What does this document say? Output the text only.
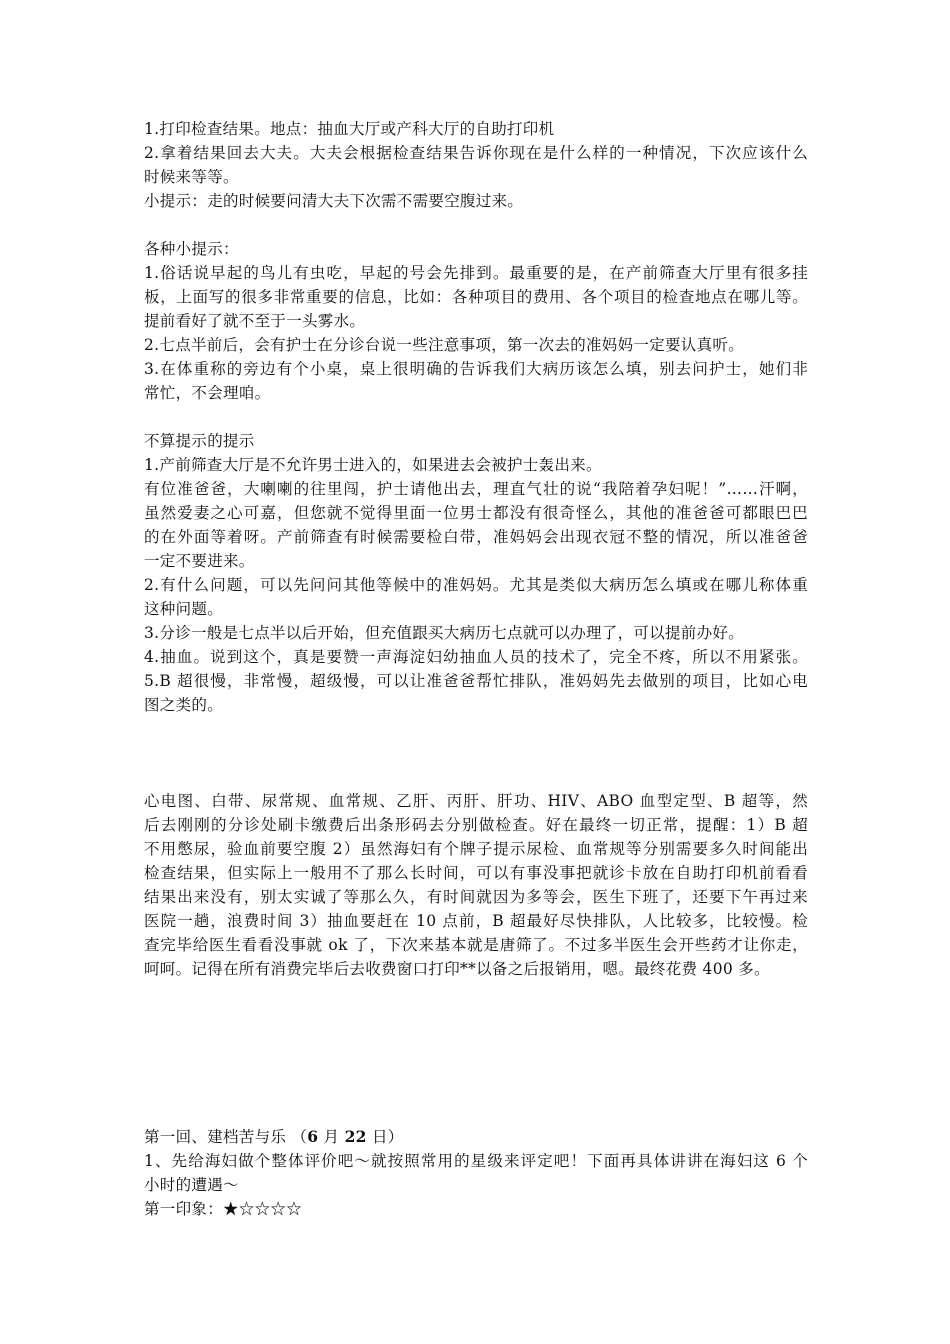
1.打印检查结果。地点：抽血大厅或产科大厅的自助打印机
2.拿着结果回去大夫。大夫会根据检查结果告诉你现在是什么样的一种情况，下次应该什么
时候来等等。
小提示：走的时候要问清大夫下次需不需要空腹过来。
各种小提示：
1.俗话说早起的鸟儿有虫吃，早起的号会先排到。最重要的是，在产前筛查大厅里有很多挂
板，上面写的很多非常重要的信息，比如：各种项目的费用、各个项目的检查地点在哪儿等。
提前看好了就不至于一头雾水。
2.七点半前后，会有护士在分诊台说一些注意事项，第一次去的准妈妈一定要认真听。
3.在体重称的旁边有个小桌，桌上很明确的告诉我们大病历该怎么填，别去问护士，她们非
常忙，不会理咱。
不算提示的提示
1.产前筛查大厅是不允许男士进入的，如果进去会被护士轰出来。
有位准爸爸，大喇喇的往里闯，护士请他出去，理直气壮的说“我陪着孕妇呢！”……汗啊，
虽然爱妻之心可嘉，但您就不觉得里面一位男士都没有很奇怪么，其他的准爸爸可都眼巴巴
的在外面等着呀。产前筛查有时候需要检白带，准妈妈会出现衣冠不整的情况，所以准爸爸
一定不要进来。
2.有什么问题，可以先问问其他等候中的准妈妈。尤其是类似大病历怎么填或在哪儿称体重
这种问题。
3.分诊一般是七点半以后开始，但充值跟买大病历七点就可以办理了，可以提前办好。
4.抽血。说到这个，真是要赞一声海淀妇幼抽血人员的技术了，完全不疼，所以不用紧张。
5.B 超很慢，非常慢，超级慢，可以让准爸爸帮忙排队，准妈妈先去做别的项目，比如心电
图之类的。
心电图、白带、尿常规、血常规、乙肝、丙肝、肝功、HIV、ABO 血型定型、B 超等，然
后去刚刚的分诊处刷卡缴费后出条形码去分别做检查。好在最终一切正常，提醒：1）B 超
不用憋尿，验血前要空腹 2）虽然海妇有个牌子提示尿检、血常规等分别需要多久时间能出
检查结果，但实际上一般用不了那么长时间，可以有事没事把就诊卡放在自助打印机前看看
结果出来没有，别太实诚了等那么久，有时间就因为多等会，医生下班了，还要下午再过来
医院一趟，浪费时间 3）抽血要赶在 10 点前，B 超最好尽快排队，人比较多，比较慢。检
查完毕给医生看看没事就 ok 了，下次来基本就是唐筛了。不过多半医生会开些药才让你走，
呵呵。记得在所有消费完毕后去收费窗口打印**以备之后报销用，嗯。最终花费 400 多。
第一回、建档苦与乐 （6 月 22 日）
1、先给海妇做个整体评价吧～就按照常用的星级来评定吧！下面再具体讲讲在海妇这 6 个
小时的遭遇～
第一印象：★☆☆☆☆
